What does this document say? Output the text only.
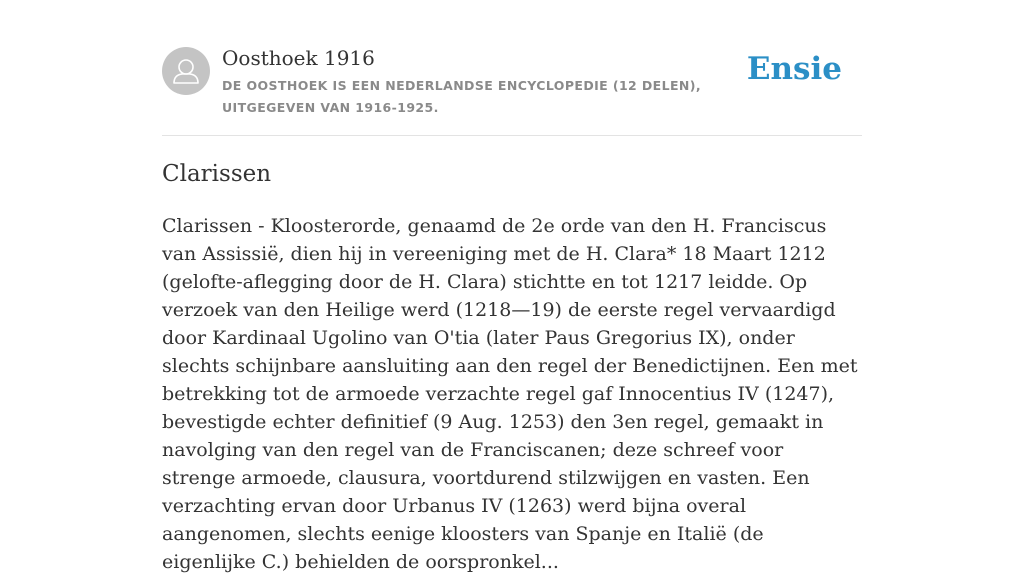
Oosthoek 1916
DE OOSTHOEK IS EEN NEDERLANDSE ENCYCLOPEDIE (12 DELEN), UITGEGEVEN VAN 1916-1925.
Ensie
Clarissen

Clarissen - Kloosterorde, genaamd de 2e orde van den H. Franciscus van Assissië, dien hij in vereeniging met de H. Clara* 18 Maart 1212 (gelofte-aflegging door de H. Clara) stichtte en tot 1217 leidde. Op verzoek van den Heilige werd (1218—19) de eerste regel vervaardigd door Kardinaal Ugolino van O'tia (later Paus Gregorius IX), onder slechts schijnbare aansluiting aan den regel der Benedictijnen. Een met betrekking tot de armoede verzachte regel gaf Innocentius IV (1247), bevestigde echter definitief (9 Aug. 1253) den 3en regel, gemaakt in navolging van den regel van de Franciscanen; deze schreef voor strenge armoede, clausura, voortdurend stilzwijgen en vasten. Een verzachting ervan door Urbanus IV (1263) werd bijna overal aangenomen, slechts eenige kloosters van Spanje en Italië (de eigenlijke C.) behielden de oorspronkel...
